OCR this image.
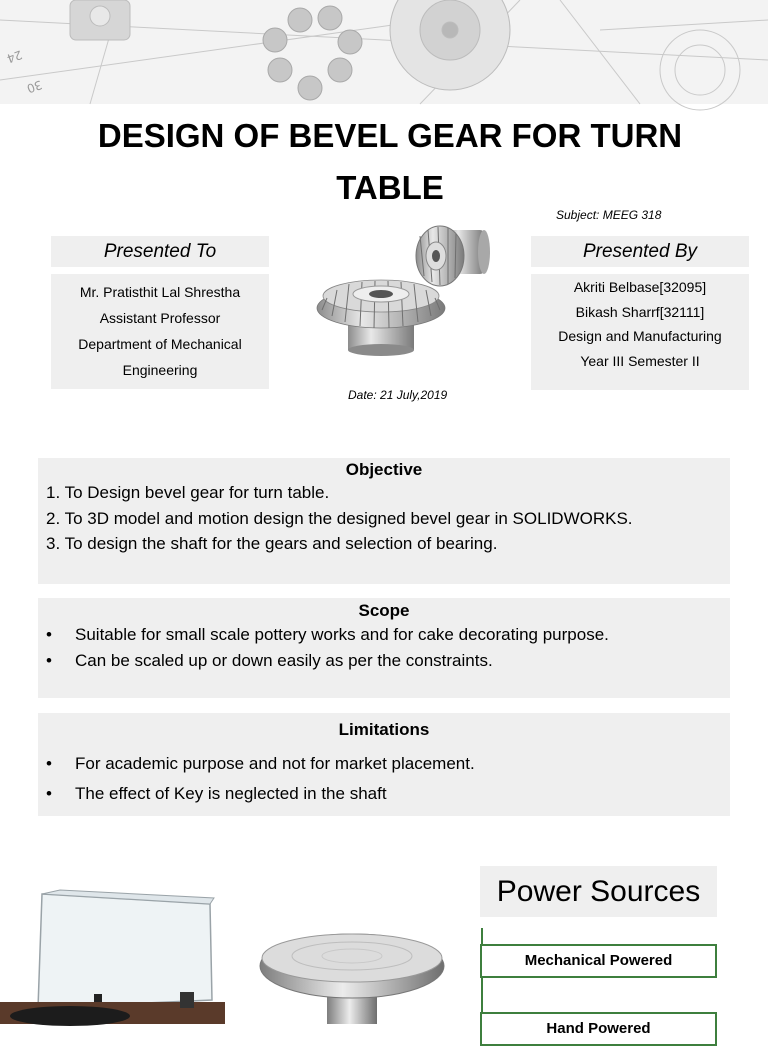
24
30
DESIGN OF BEVEL GEAR FOR TURN TABLE
Subject: MEEG 318
Presented To
Mr. Pratisthit Lal Shrestha
Assistant Professor
Department of Mechanical
Engineering
Date: 21 July,2019
Presented By
Akriti Belbase[32095]
Bikash Sharrf[32111]
Design and Manufacturing
Year III Semester II
Objective
1. To Design bevel gear for turn table.
2. To 3D model and motion design the designed bevel gear in SOLIDWORKS.
3. To design the shaft for the gears and selection of bearing.
Scope
• Suitable for small scale pottery works and for cake decorating purpose.
• Can be scaled up or down easily as per the constraints.
Limitations
• For academic purpose and not for market placement.
• The effect of Key is neglected in the shaft
Power Sources
Mechanical Powered
Hand Powered
